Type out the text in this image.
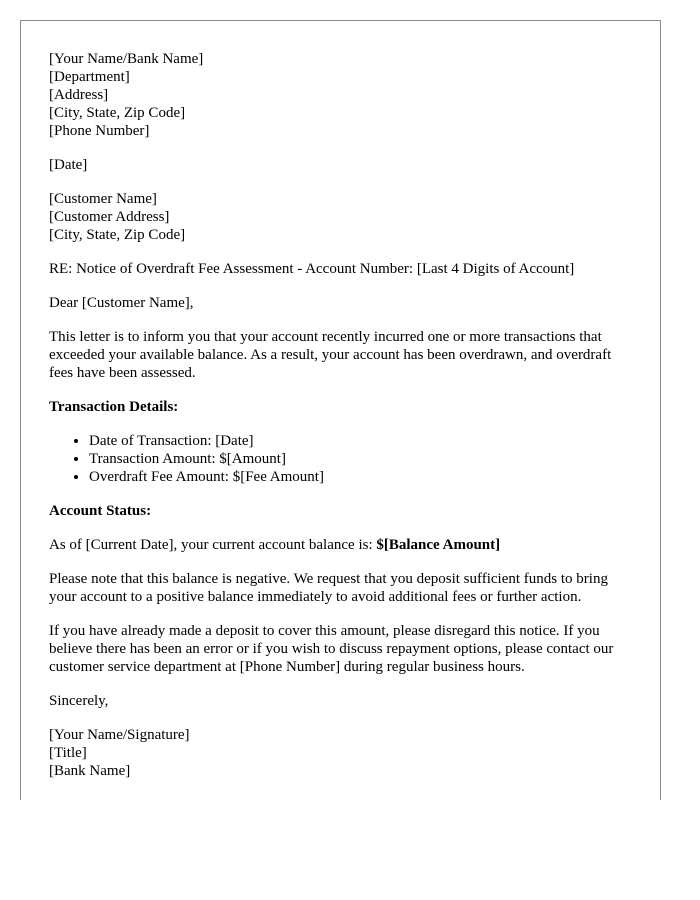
[Your Name/Bank Name]
[Department]
[Address]
[City, State, Zip Code]
[Phone Number]
[Date]
[Customer Name]
[Customer Address]
[City, State, Zip Code]

RE: Notice of Overdraft Fee Assessment - Account Number: [Last 4 Digits of Account]

Dear [Customer Name],

This letter is to inform you that your account recently incurred one or more transactions that exceeded your available balance. As a result, your account has been overdrawn, and overdraft fees have been assessed.

Transaction Details:

• Date of Transaction: [Date]
• Transaction Amount: $[Amount]
• Overdraft Fee Amount: $[Fee Amount]

Account Status:

As of [Current Date], your current account balance is: $[Balance Amount]

Please note that this balance is negative. We request that you deposit sufficient funds to bring your account to a positive balance immediately to avoid additional fees or further action.

If you have already made a deposit to cover this amount, please disregard this notice. If you believe there has been an error or if you wish to discuss repayment options, please contact our customer service department at [Phone Number] during regular business hours.

Sincerely,

[Your Name/Signature]
[Title]
[Bank Name]
